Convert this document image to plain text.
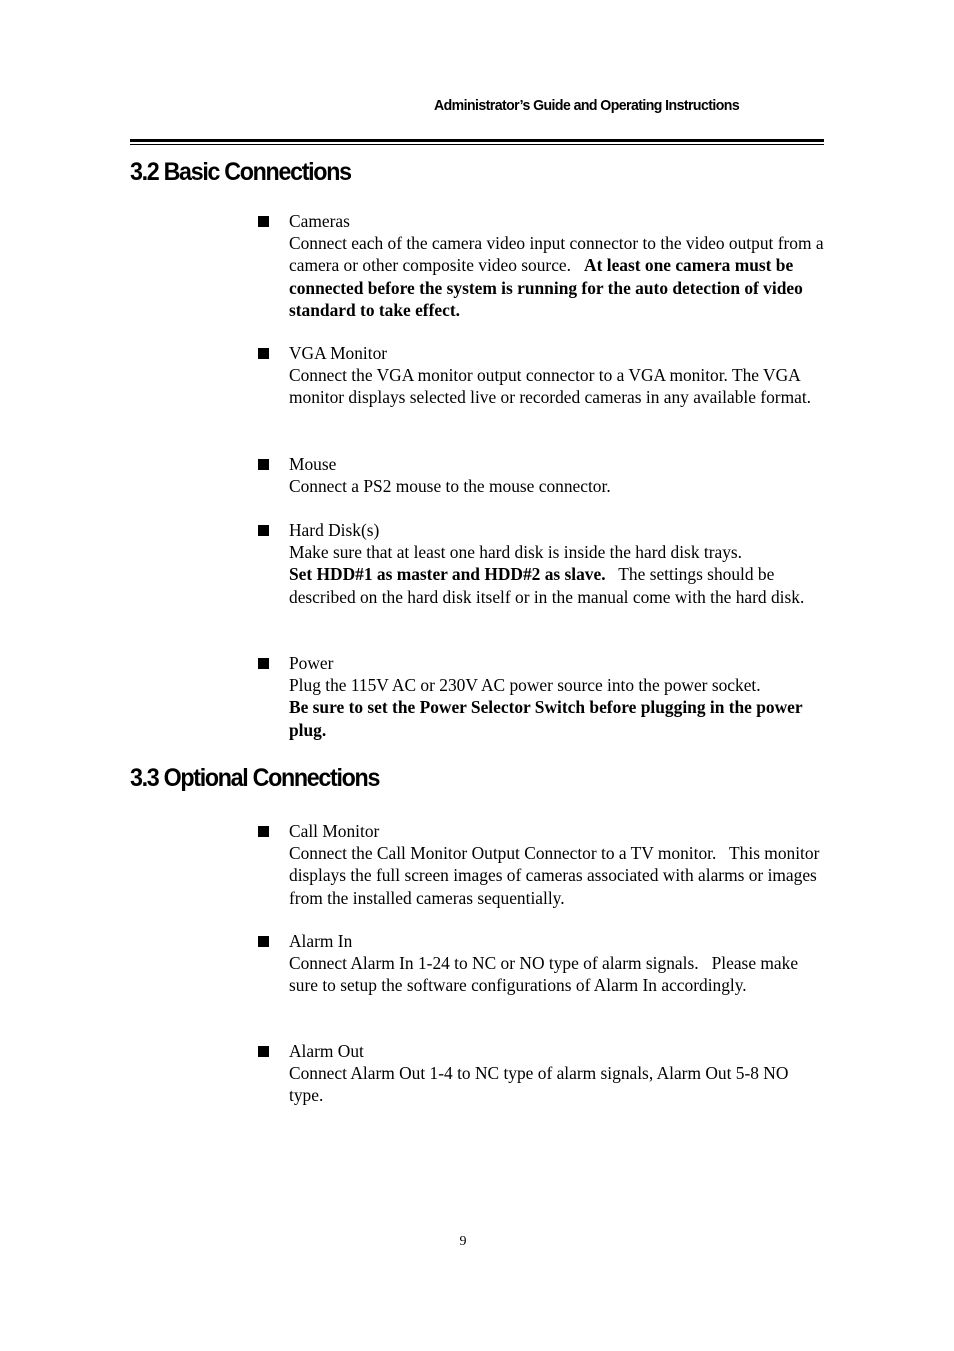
Administrator’s Guide and Operating Instructions
3.2 Basic Connections
Cameras
Connect each of the camera video input connector to the video output from a camera or other composite video source.   At least one camera must be connected before the system is running for the auto detection of video standard to take effect.
VGA Monitor
Connect the VGA monitor output connector to a VGA monitor. The VGA monitor displays selected live or recorded cameras in any available format.
Mouse
Connect a PS2 mouse to the mouse connector.
Hard Disk(s)
Make sure that at least one hard disk is inside the hard disk trays.
Set HDD#1 as master and HDD#2 as slave.   The settings should be described on the hard disk itself or in the manual come with the hard disk.
Power
Plug the 115V AC or 230V AC power source into the power socket.
Be sure to set the Power Selector Switch before plugging in the power plug.
3.3 Optional Connections
Call Monitor
Connect the Call Monitor Output Connector to a TV monitor.   This monitor displays the full screen images of cameras associated with alarms or images from the installed cameras sequentially.
Alarm In
Connect Alarm In 1-24 to NC or NO type of alarm signals.   Please make sure to setup the software configurations of Alarm In accordingly.
Alarm Out
Connect Alarm Out 1-4 to NC type of alarm signals, Alarm Out 5-8 NO type.
9
